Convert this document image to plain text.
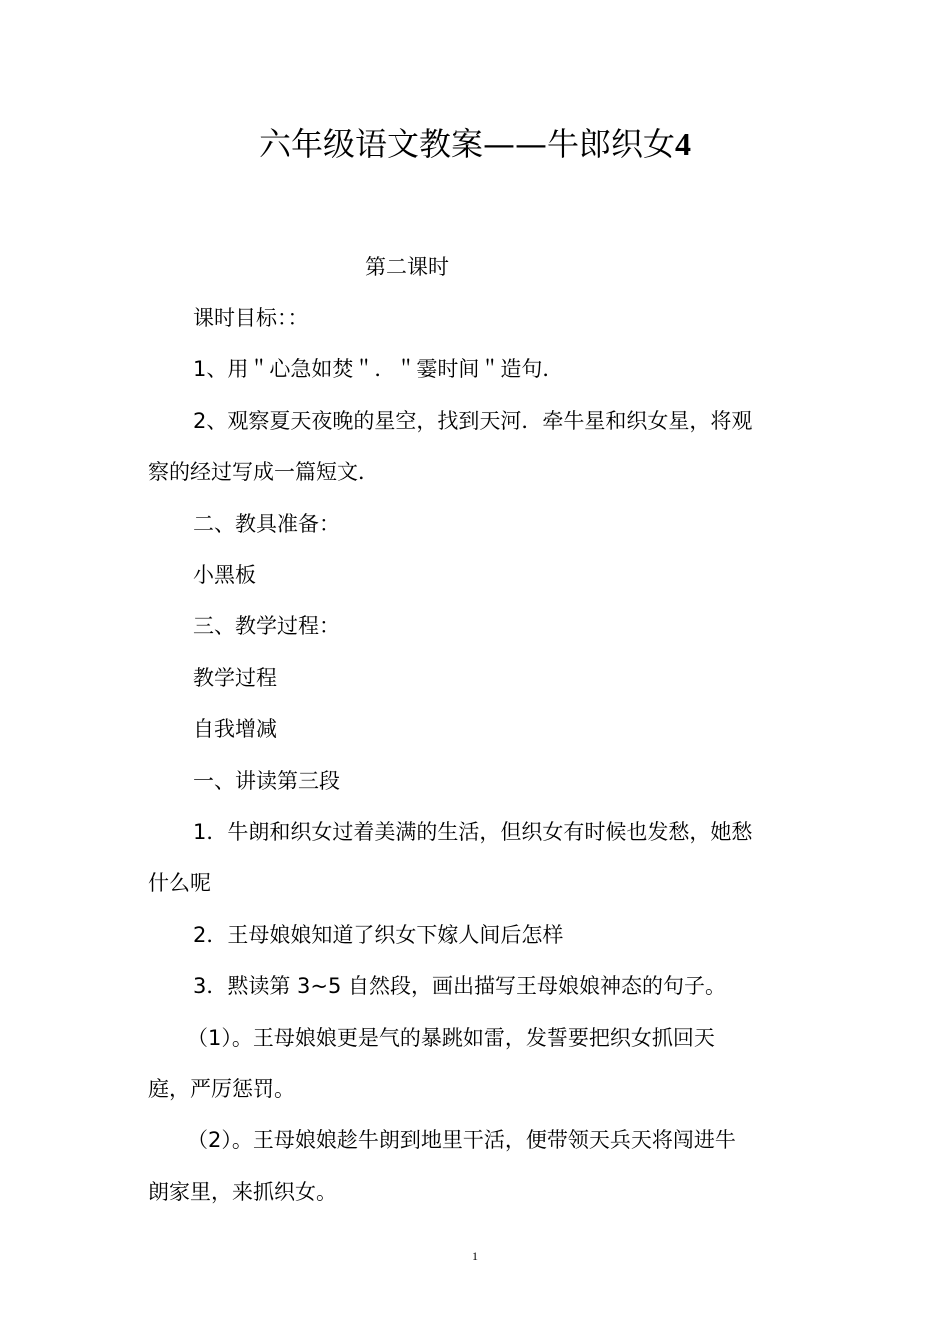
六年级语文教案——牛郎织女4
第二课时
课时目标：：
1、用＂心急如焚＂．＂霎时间＂造句．
2、观察夏天夜晚的星空，找到天河．牵牛星和织女星，将观
察的经过写成一篇短文．
二、教具准备：
小黑板
三、教学过程：
教学过程
自我增减
一、讲读第三段
1．牛朗和织女过着美满的生活，但织女有时候也发愁，她愁
什么呢
2．王母娘娘知道了织女下嫁人间后怎样
3．黙读第 3~5 自然段，画出描写王母娘娘神态的句子。
（1）。王母娘娘更是气的暴跳如雷，发誓要把织女抓回天
庭，严厉惩罚。
（2）。王母娘娘趁牛朗到地里干活，便带领天兵天将闯进牛
朗家里，来抓织女。
1
